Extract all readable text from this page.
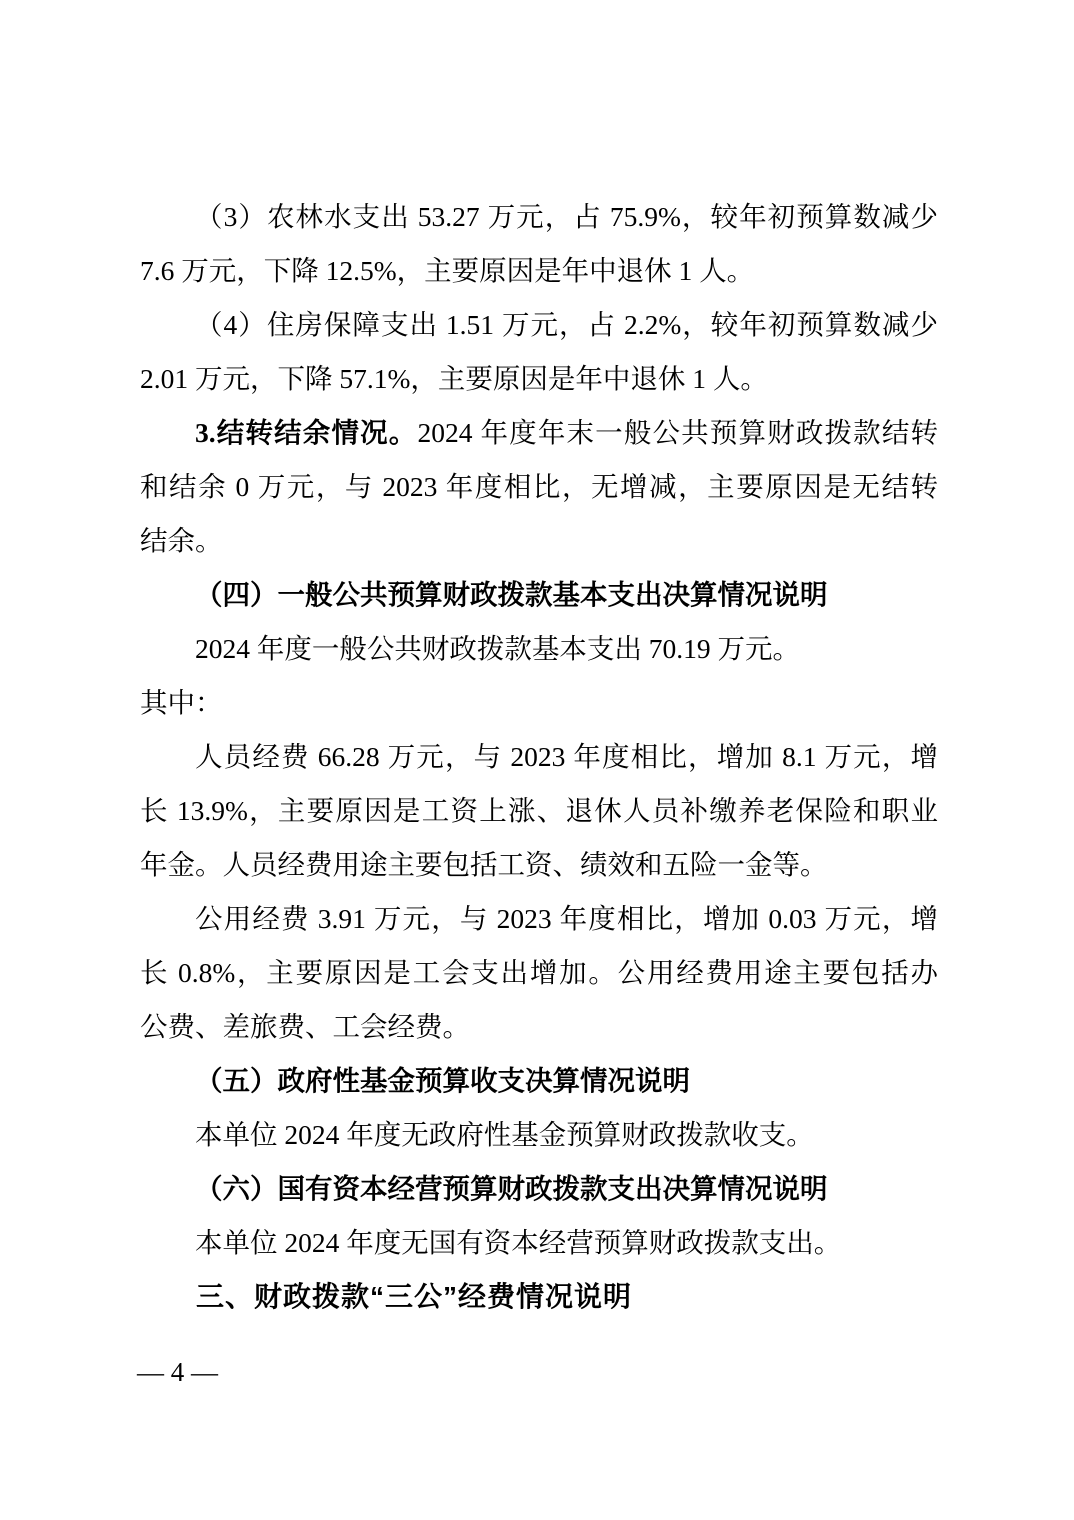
（3）农林水支出 53.27 万元，占 75.9%，较年初预算数减少
7.6 万元，下降 12.5%，主要原因是年中退休 1 人。
（4）住房保障支出 1.51 万元，占 2.2%，较年初预算数减少
2.01 万元，下降 57.1%，主要原因是年中退休 1 人。
3.结转结余情况。2024 年度年末一般公共预算财政拨款结转
和结余 0 万元，与 2023 年度相比，无增减，主要原因是无结转
结余。
（四）一般公共预算财政拨款基本支出决算情况说明
2024 年度一般公共财政拨款基本支出 70.19 万元。
其中：
人员经费 66.28 万元，与 2023 年度相比，增加 8.1 万元，增
长 13.9%，主要原因是工资上涨、退休人员补缴养老保险和职业
年金。人员经费用途主要包括工资、绩效和五险一金等。
公用经费 3.91 万元，与 2023 年度相比，增加 0.03 万元，增
长 0.8%，主要原因是工会支出增加。公用经费用途主要包括办
公费、差旅费、工会经费。
（五）政府性基金预算收支决算情况说明
本单位 2024 年度无政府性基金预算财政拨款收支。
（六）国有资本经营预算财政拨款支出决算情况说明
本单位 2024 年度无国有资本经营预算财政拨款支出。
三、财政拨款“三公”经费情况说明
— 4 —
